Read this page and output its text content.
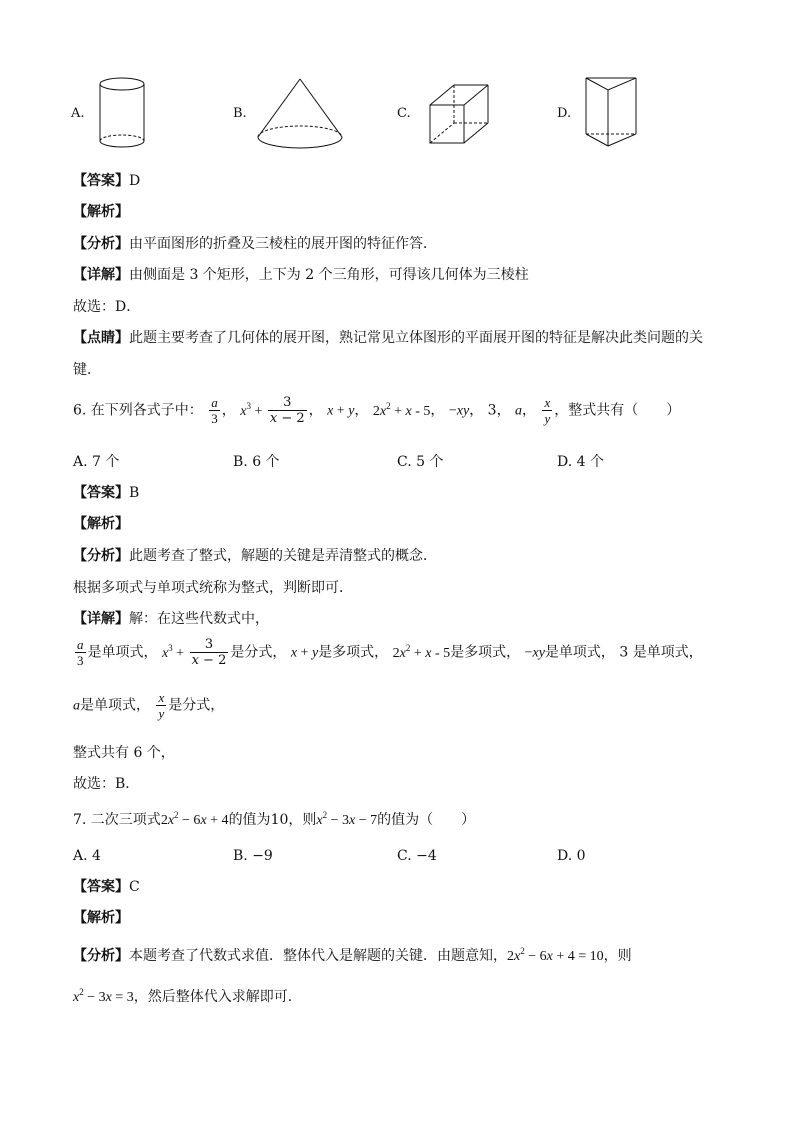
A.	B.	C.	D.
【答案】D
【解析】
【分析】由平面图形的折叠及三棱柱的展开图的特征作答．
【详解】由侧面是 3 个矩形，上下为 2 个三角形，可得该几何体为三棱柱
故选：D．
【点睛】此题主要考查了几何体的展开图，熟记常见立体图形的平面展开图的特征是解决此类问题的关
键．
6. 在下列各式子中： $\frac{a}{3}$ ， $x^3 + \frac{3}{x - 2}$ ， x + y， $2x^2 + x - 5$， −xy， 3， a， $\frac{x}{y}$ ，整式共有（　　）
A. 7 个	B. 6 个	C. 5 个	D. 4 个
【答案】B
【解析】
【分析】此题考查了整式，解题的关键是弄清整式的概念．
根据多项式与单项式统称为整式，判断即可．
【详解】解：在这些代数式中，
$\frac{a}{3}$ 是单项式， $x^3 + \frac{3}{x - 2}$ 是分式， x + y是多项式， $2x^2 + x - 5$是多项式， −xy是单项式， 3 是单项式，
a是单项式， $\frac{x}{y}$ 是分式，
整式共有 6 个，
故选：B．
7. 二次三项式$2x^2 - 6x + 4$的值为10，则$x^2 - 3x - 7$的值为（　　）
A. 4	B. −9	C. −4	D. 0
【答案】C
【解析】
【分析】本题考查了代数式求值．整体代入是解题的关键．由题意知，$2x^2 - 6x + 4 = 10$，则
$x^2 - 3x = 3$，然后整体代入求解即可．
